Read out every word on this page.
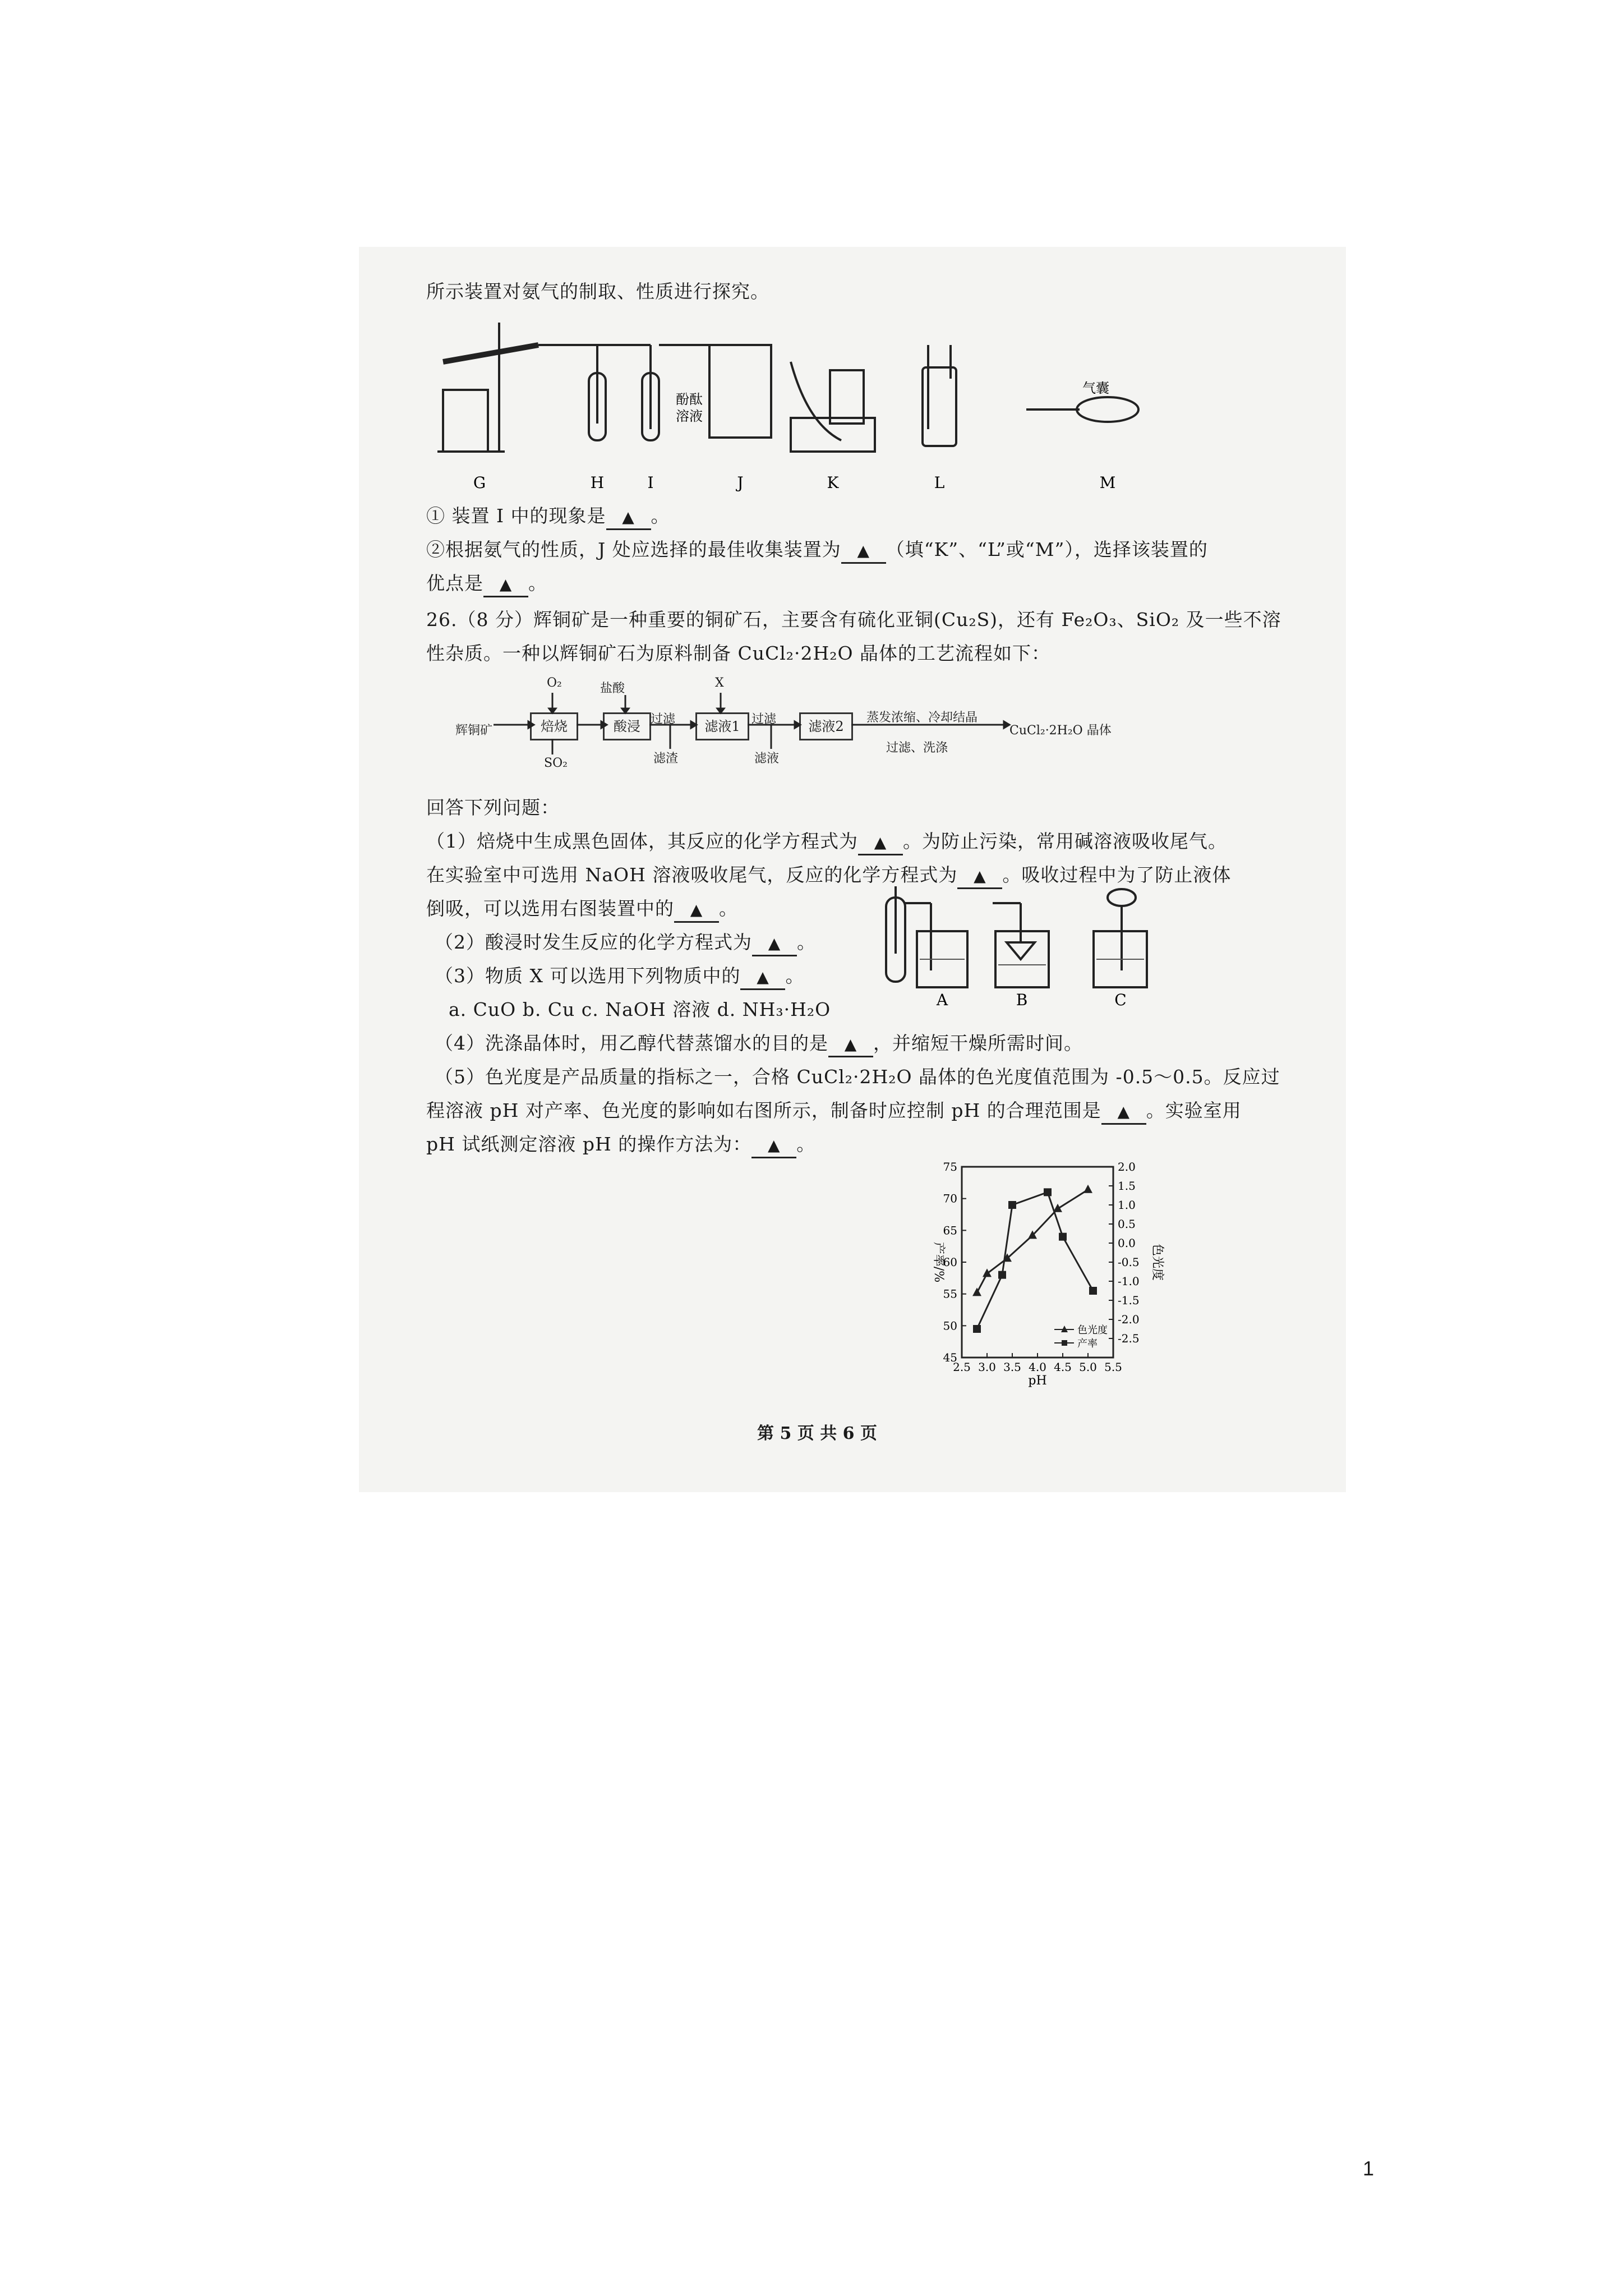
所示装置对氨气的制取、性质进行探究。
酚酞
溶液
气囊
G	H	I	J	K	L	M
① 装置 I 中的现象是 ▲ 。
②根据氨气的性质，J 处应选择的最佳收集装置为 ▲ （填“K”、“L”或“M”），选择该装置的
优点是 ▲ 。
26.（8 分）辉铜矿是一种重要的铜矿石，主要含有硫化亚铜(Cu₂S)，还有 Fe₂O₃、SiO₂ 及一些不溶
性杂质。一种以辉铜矿石为原料制备 CuCl₂·2H₂O 晶体的工艺流程如下：
辉铜矿
O₂
焙烧
SO₂
盐酸
酸浸 过滤
滤渣
X
滤液1 过滤
滤液
滤液2
蒸发浓缩、冷却结晶
过滤、洗涤
CuCl₂·2H₂O 晶体
回答下列问题：
（1）焙烧中生成黑色固体，其反应的化学方程式为 ▲ 。为防止污染，常用碱溶液吸收尾气。
在实验室中可选用 NaOH 溶液吸收尾气，反应的化学方程式为 ▲ 。吸收过程中为了防止液体
倒吸，可以选用右图装置中的 ▲ 。
（2）酸浸时发生反应的化学方程式为 ▲ 。
（3）物质 X 可以选用下列物质中的 ▲ 。
a. CuO b. Cu c. NaOH 溶液 d. NH₃·H₂O
（4）洗涤晶体时，用乙醇代替蒸馏水的目的是 ▲ ，并缩短干燥所需时间。
（5）色光度是产品质量的指标之一，合格 CuCl₂·2H₂O 晶体的色光度值范围为 -0.5～0.5。反应过
程溶液 pH 对产率、色光度的影响如右图所示，制备时应控制 pH 的合理范围是 ▲ 。实验室用
pH 试纸测定溶液 pH 的操作方法为： ▲ 。
A	B	C
2.5 3.0 3.5 4.0 4.5 5.0 5.5
45
50
55
60
65
70
75
-2.5
-2.0
-1.5
-1.0
-0.5
0.0
0.5
1.0
1.5
2.0
pH
产率/%	色光度
色光度
产率
第 5 页 共 6 页
1
